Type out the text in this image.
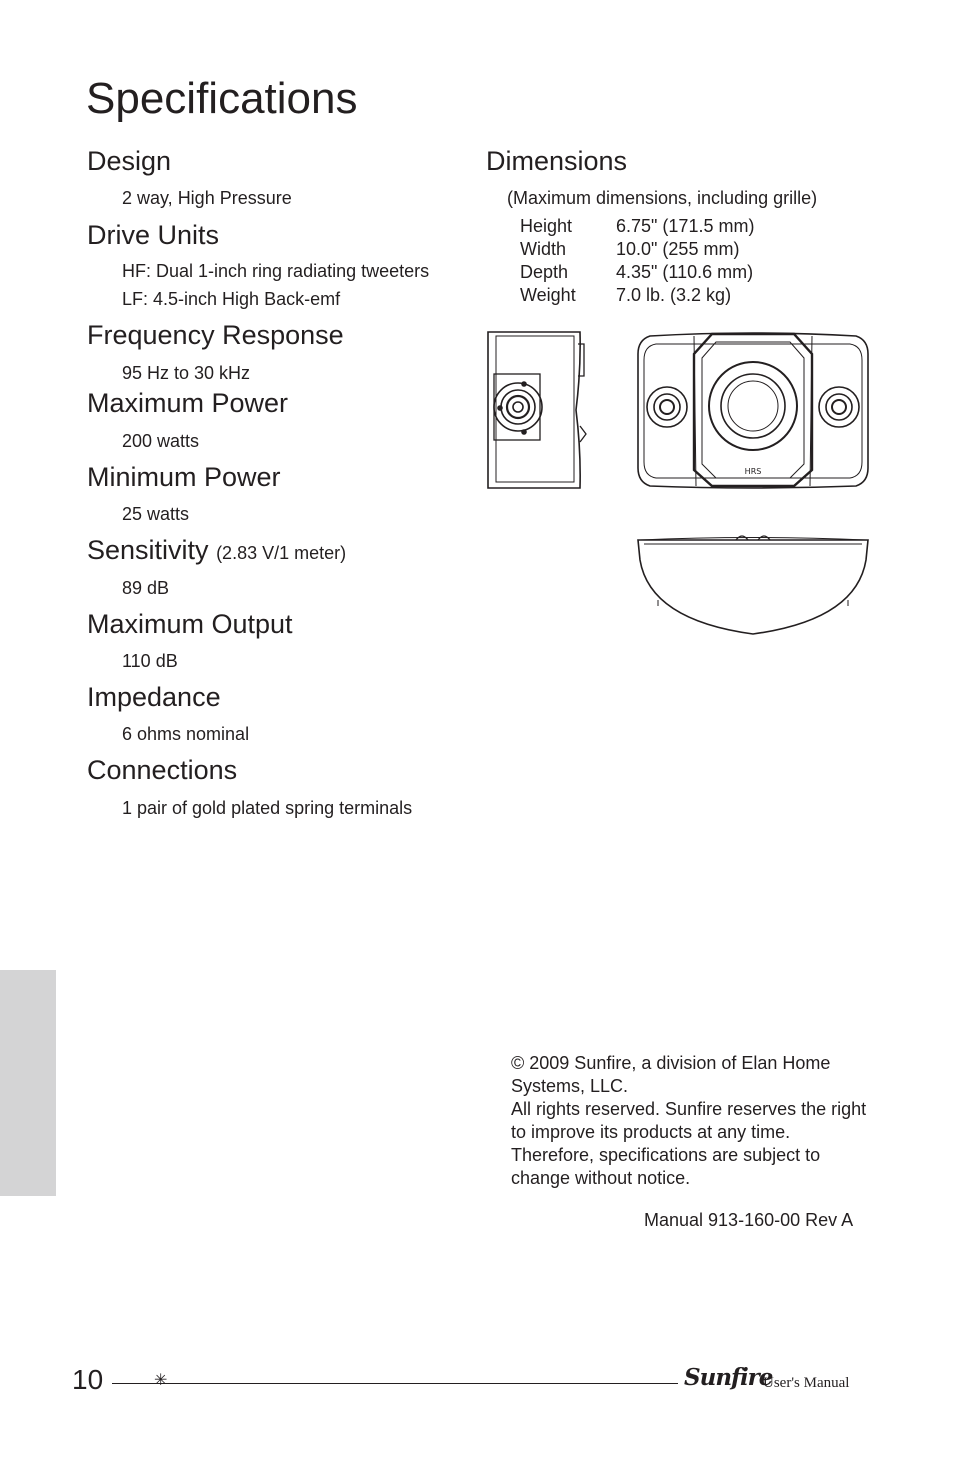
Specifications
Design
2 way, High Pressure
Drive Units
HF: Dual 1-inch ring radiating tweeters
LF: 4.5-inch High Back-emf
Frequency Response
95 Hz to 30 kHz
Maximum Power
200 watts
Minimum Power
25 watts
Sensitivity (2.83 V/1 meter)
89 dB
Maximum Output
110 dB
Impedance
6 ohms nominal
Connections
1 pair of gold plated spring terminals
Dimensions
(Maximum dimensions, including grille)
Height 6.75" (171.5 mm)
Width	10.0" (255 mm)
Depth	4.35" (110.6 mm)
Weight 7.0 lb. (3.2 kg)
HRS

© 2009 Sunfire, a division of Elan Home Systems, LLC.

All rights reserved. Sunfire reserves the right to improve its products at any time. Therefore, specifications are subject to change without notice.

Manual 913-160-00 Rev A
10	✳	Sunfire
User's Manual
